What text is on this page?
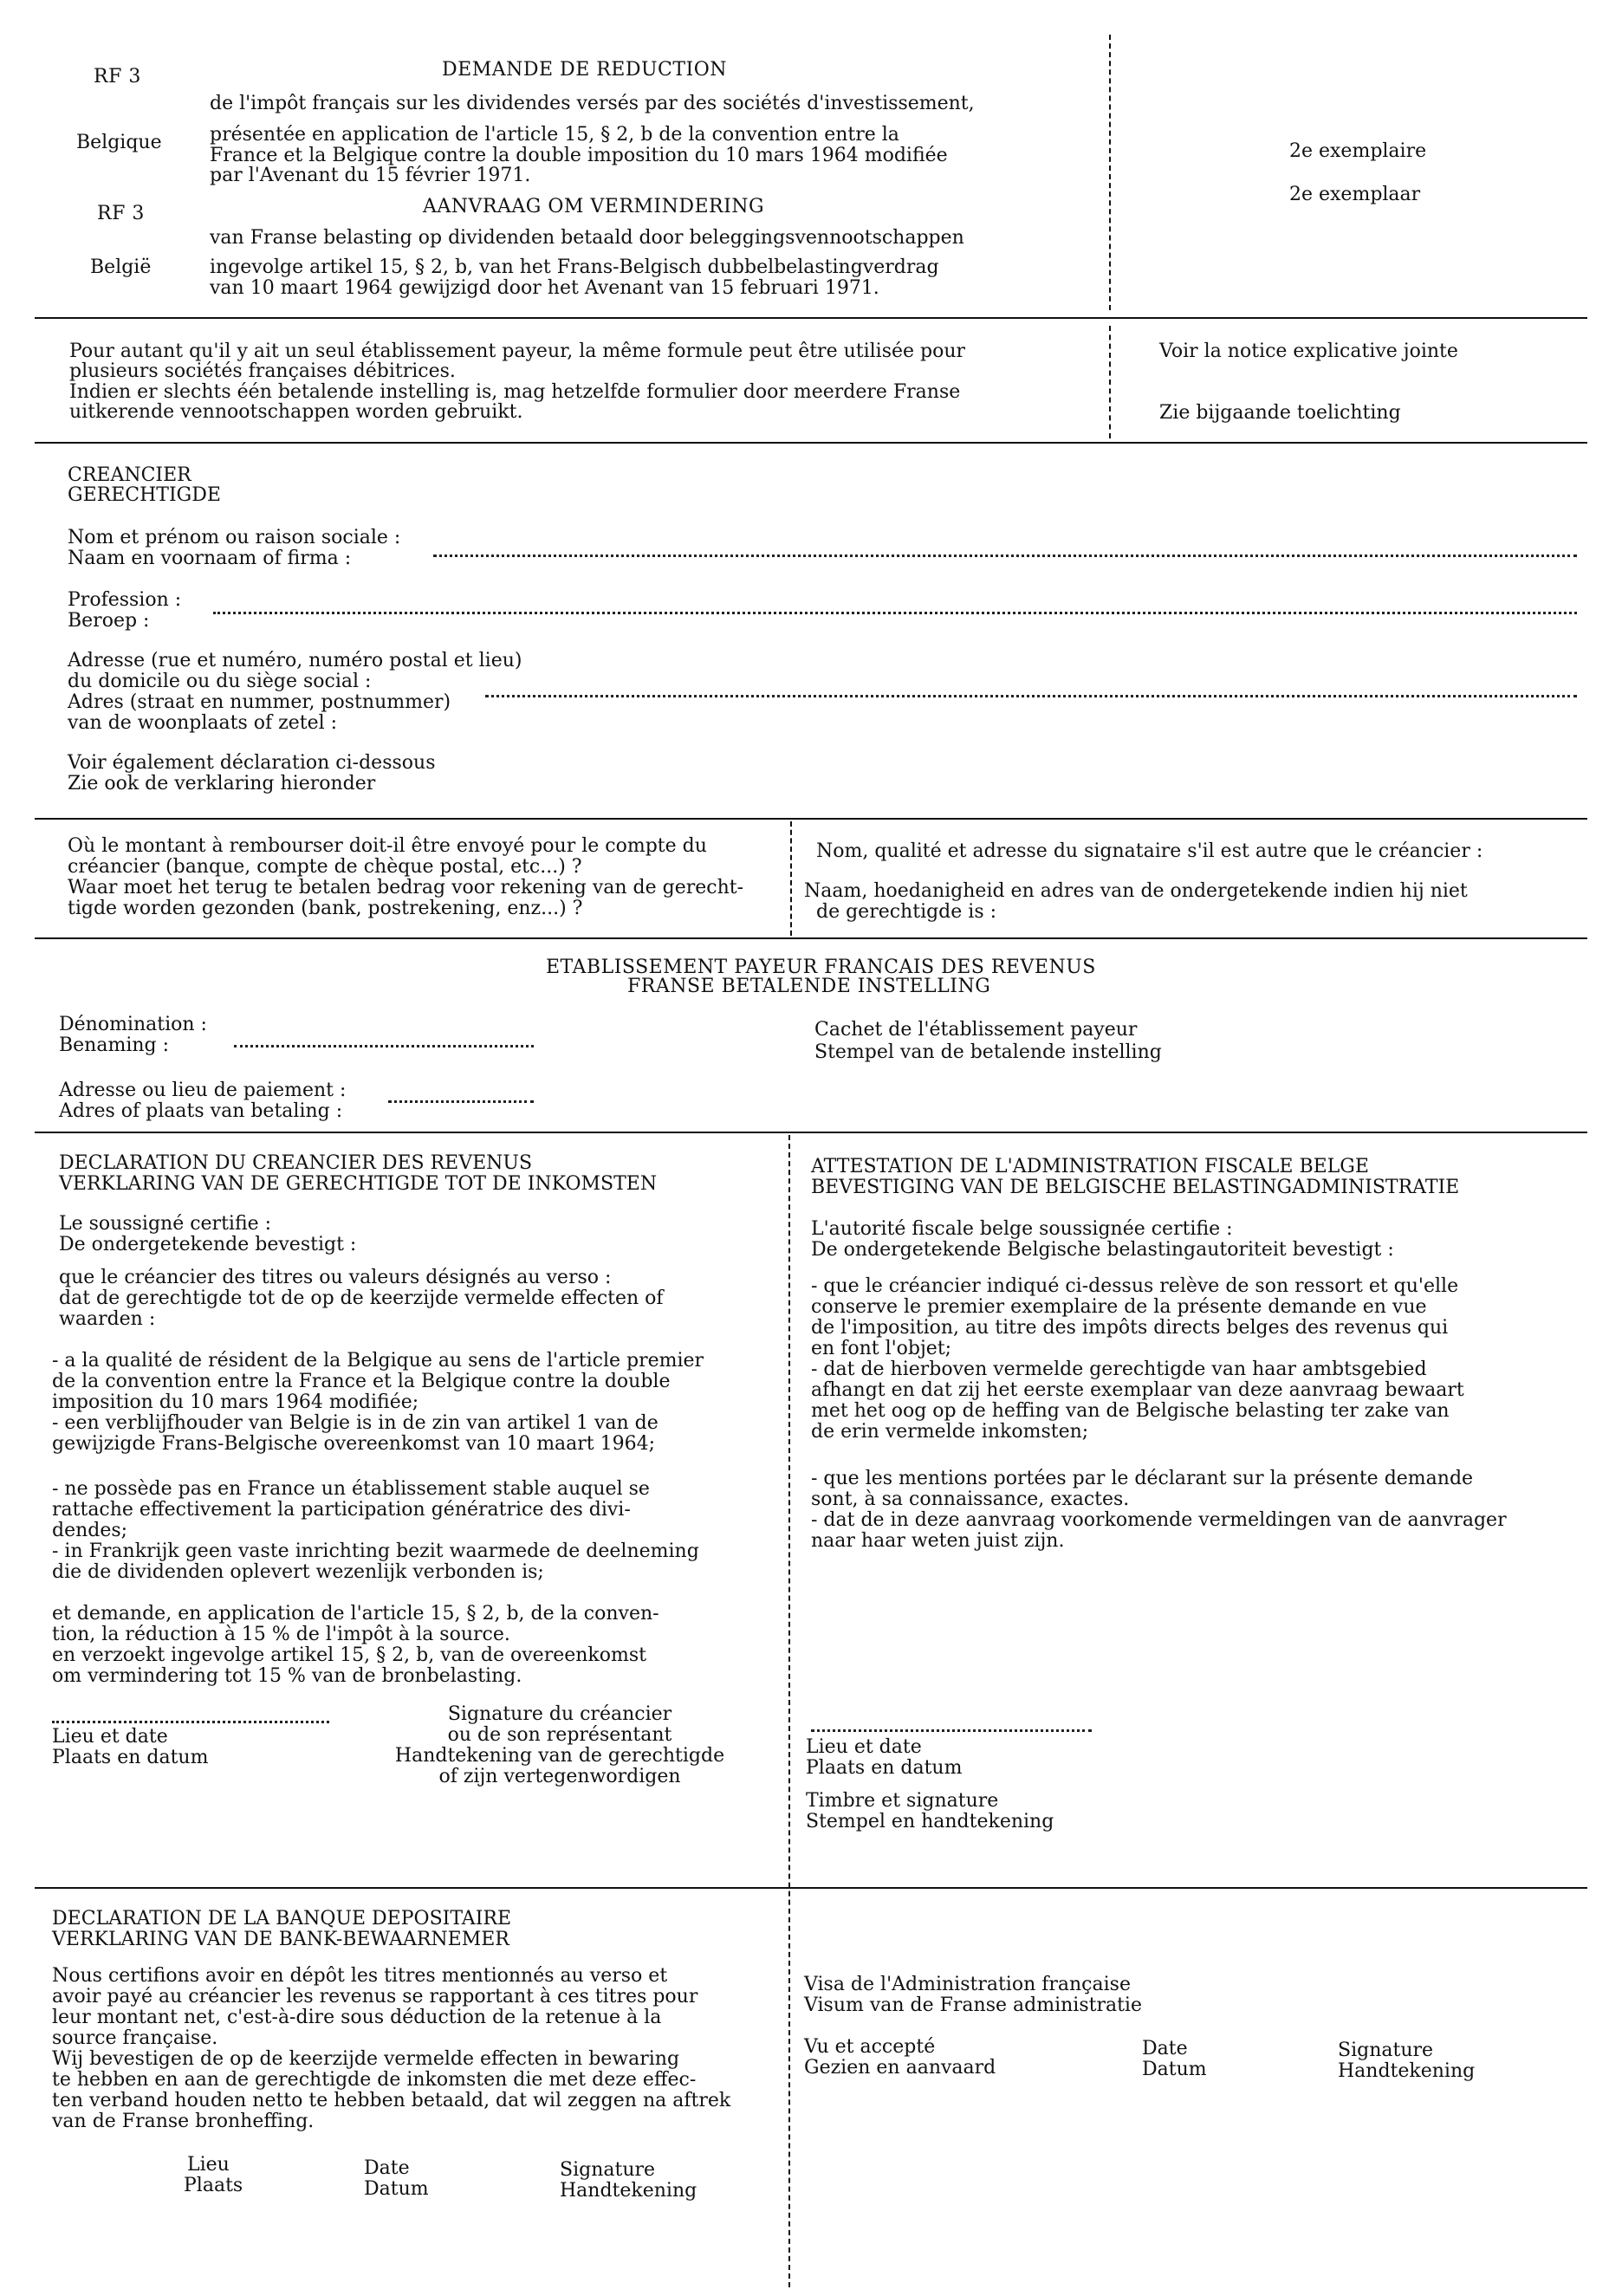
RF 3	DEMANDE DE REDUCTION
Belgique
de l'impôt français sur les dividendes versés par des sociétés d'investissement,
présentée en application de l'article 15, § 2, b de la convention entre la
France et la Belgique contre la double imposition du 10 mars 1964 modifiée
par l'Avenant du 15 février 1971.
RF 3	AANVRAAG OM VERMINDERING
België
van Franse belasting op dividenden betaald door beleggingsvennootschappen
ingevolge artikel 15, § 2, b, van het Frans-Belgisch dubbelbelastingverdrag
van 10 maart 1964 gewijzigd door het Avenant van 15 februari 1971.
2e exemplaire
2e exemplaar
Pour autant qu'il y ait un seul établissement payeur, la même formule peut être utilisée pour
plusieurs sociétés françaises débitrices.
Indien er slechts één betalende instelling is, mag hetzelfde formulier door meerdere Franse
uitkerende vennootschappen worden gebruikt.
Voir la notice explicative jointe
Zie bijgaande toelichting
CREANCIER
GERECHTIGDE
Nom et prénom ou raison sociale :
Naam en voornaam of firma :
Profession :
Beroep :
Adresse (rue et numéro, numéro postal et lieu)
du domicile ou du siège social :
Adres (straat en nummer, postnummer)
van de woonplaats of zetel :
Voir également déclaration ci-dessous
Zie ook de verklaring hieronder
Où le montant à rembourser doit-il être envoyé pour le compte du
créancier (banque, compte de chèque postal, etc...) ?
Waar moet het terug te betalen bedrag voor rekening van de gerecht-
tigde worden gezonden (bank, postrekening, enz...) ?
Nom, qualité et adresse du signataire s'il est autre que le créancier :
Naam, hoedanigheid en adres van de ondergetekende indien hij niet
de gerechtigde is :
ETABLISSEMENT PAYEUR FRANCAIS DES REVENUS
FRANSE BETALENDE INSTELLING
Dénomination :
Benaming :
Adresse ou lieu de paiement :
Adres of plaats van betaling :
Cachet de l'établissement payeur
Stempel van de betalende instelling
DECLARATION DU CREANCIER DES REVENUS
VERKLARING VAN DE GERECHTIGDE TOT DE INKOMSTEN
Le soussigné certifie :
De ondergetekende bevestigt :
que le créancier des titres ou valeurs désignés au verso :
dat de gerechtigde tot de op de keerzijde vermelde effecten of
waarden :
- a la qualité de résident de la Belgique au sens de l'article premier
de la convention entre la France et la Belgique contre la double
imposition du 10 mars 1964 modifiée;
- een verblijfhouder van Belgie is in de zin van artikel 1 van de
gewijzigde Frans-Belgische overeenkomst van 10 maart 1964;
- ne possède pas en France un établissement stable auquel se
rattache effectivement la participation génératrice des divi-
dendes;
- in Frankrijk geen vaste inrichting bezit waarmede de deelneming
die de dividenden oplevert wezenlijk verbonden is;
et demande, en application de l'article 15, § 2, b, de la conven-
tion, la réduction à 15 % de l'impôt à la source.
en verzoekt ingevolge artikel 15, § 2, b, van de overeenkomst
om vermindering tot 15 % van de bronbelasting.
Lieu et date
Plaats en datum
Signature du créancier
ou de son représentant
Handtekening van de gerechtigde
of zijn vertegenwordigen
ATTESTATION DE L'ADMINISTRATION FISCALE BELGE
BEVESTIGING VAN DE BELGISCHE BELASTINGADMINISTRATIE
L'autorité fiscale belge soussignée certifie :
De ondergetekende Belgische belastingautoriteit bevestigt :
- que le créancier indiqué ci-dessus relève de son ressort et qu'elle
conserve le premier exemplaire de la présente demande en vue
de l'imposition, au titre des impôts directs belges des revenus qui
en font l'objet;
- dat de hierboven vermelde gerechtigde van haar ambtsgebied
afhangt en dat zij het eerste exemplaar van deze aanvraag bewaart
met het oog op de heffing van de Belgische belasting ter zake van
de erin vermelde inkomsten;
- que les mentions portées par le déclarant sur la présente demande
sont, à sa connaissance, exactes.
- dat de in deze aanvraag voorkomende vermeldingen van de aanvrager
naar haar weten juist zijn.
Lieu et date
Plaats en datum
Timbre et signature
Stempel en handtekening
DECLARATION DE LA BANQUE DEPOSITAIRE
VERKLARING VAN DE BANK-BEWAARNEMER
Nous certifions avoir en dépôt les titres mentionnés au verso et
avoir payé au créancier les revenus se rapportant à ces titres pour
leur montant net, c'est-à-dire sous déduction de la retenue à la
source française.
Wij bevestigen de op de keerzijde vermelde effecten in bewaring
te hebben en aan de gerechtigde de inkomsten die met deze effec-
ten verband houden netto te hebben betaald, dat wil zeggen na aftrek
van de Franse bronheffing.
Lieu
Plaats
Date
Datum
Signature
Handtekening
Visa de l'Administration française
Visum van de Franse administratie
Vu et accepté
Gezien en aanvaard
Date
Datum
Signature
Handtekening
